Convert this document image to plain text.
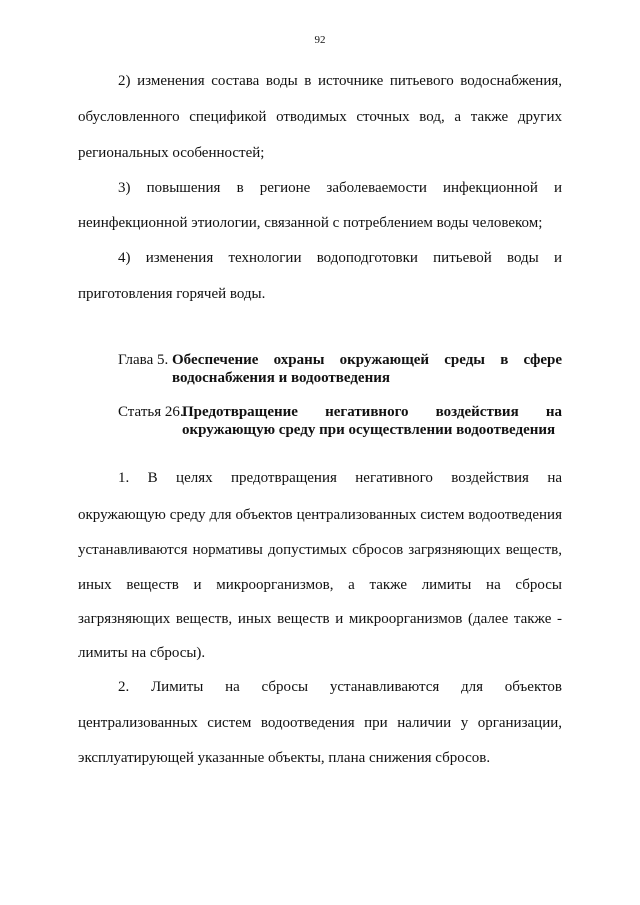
92
2) изменения состава воды в источнике питьевого водоснабжения,
обусловленного спецификой отводимых сточных вод, а также других
региональных особенностей;
3) повышения в регионе заболеваемости инфекционной и
неинфекционной этиологии, связанной с потреблением воды человеком;
4) изменения технологии водоподготовки питьевой воды и
приготовления горячей воды.
Глава 5. Обеспечение охраны окружающей среды в сфере
водоснабжения и водоотведения
Статья 26.
Предотвращение негативного воздействия на
окружающую среду при осуществлении водоотведения
1. В целях предотвращения негативного воздействия на
окружающую среду для объектов централизованных систем водоотведения
устанавливаются нормативы допустимых сбросов загрязняющих веществ,
иных веществ и микроорганизмов, а также лимиты на сбросы
загрязняющих веществ, иных веществ и микроорганизмов (далее также -
лимиты на сбросы).
2. Лимиты на сбросы устанавливаются для объектов
централизованных систем водоотведения при наличии у организации,
эксплуатирующей указанные объекты, плана снижения сбросов.
